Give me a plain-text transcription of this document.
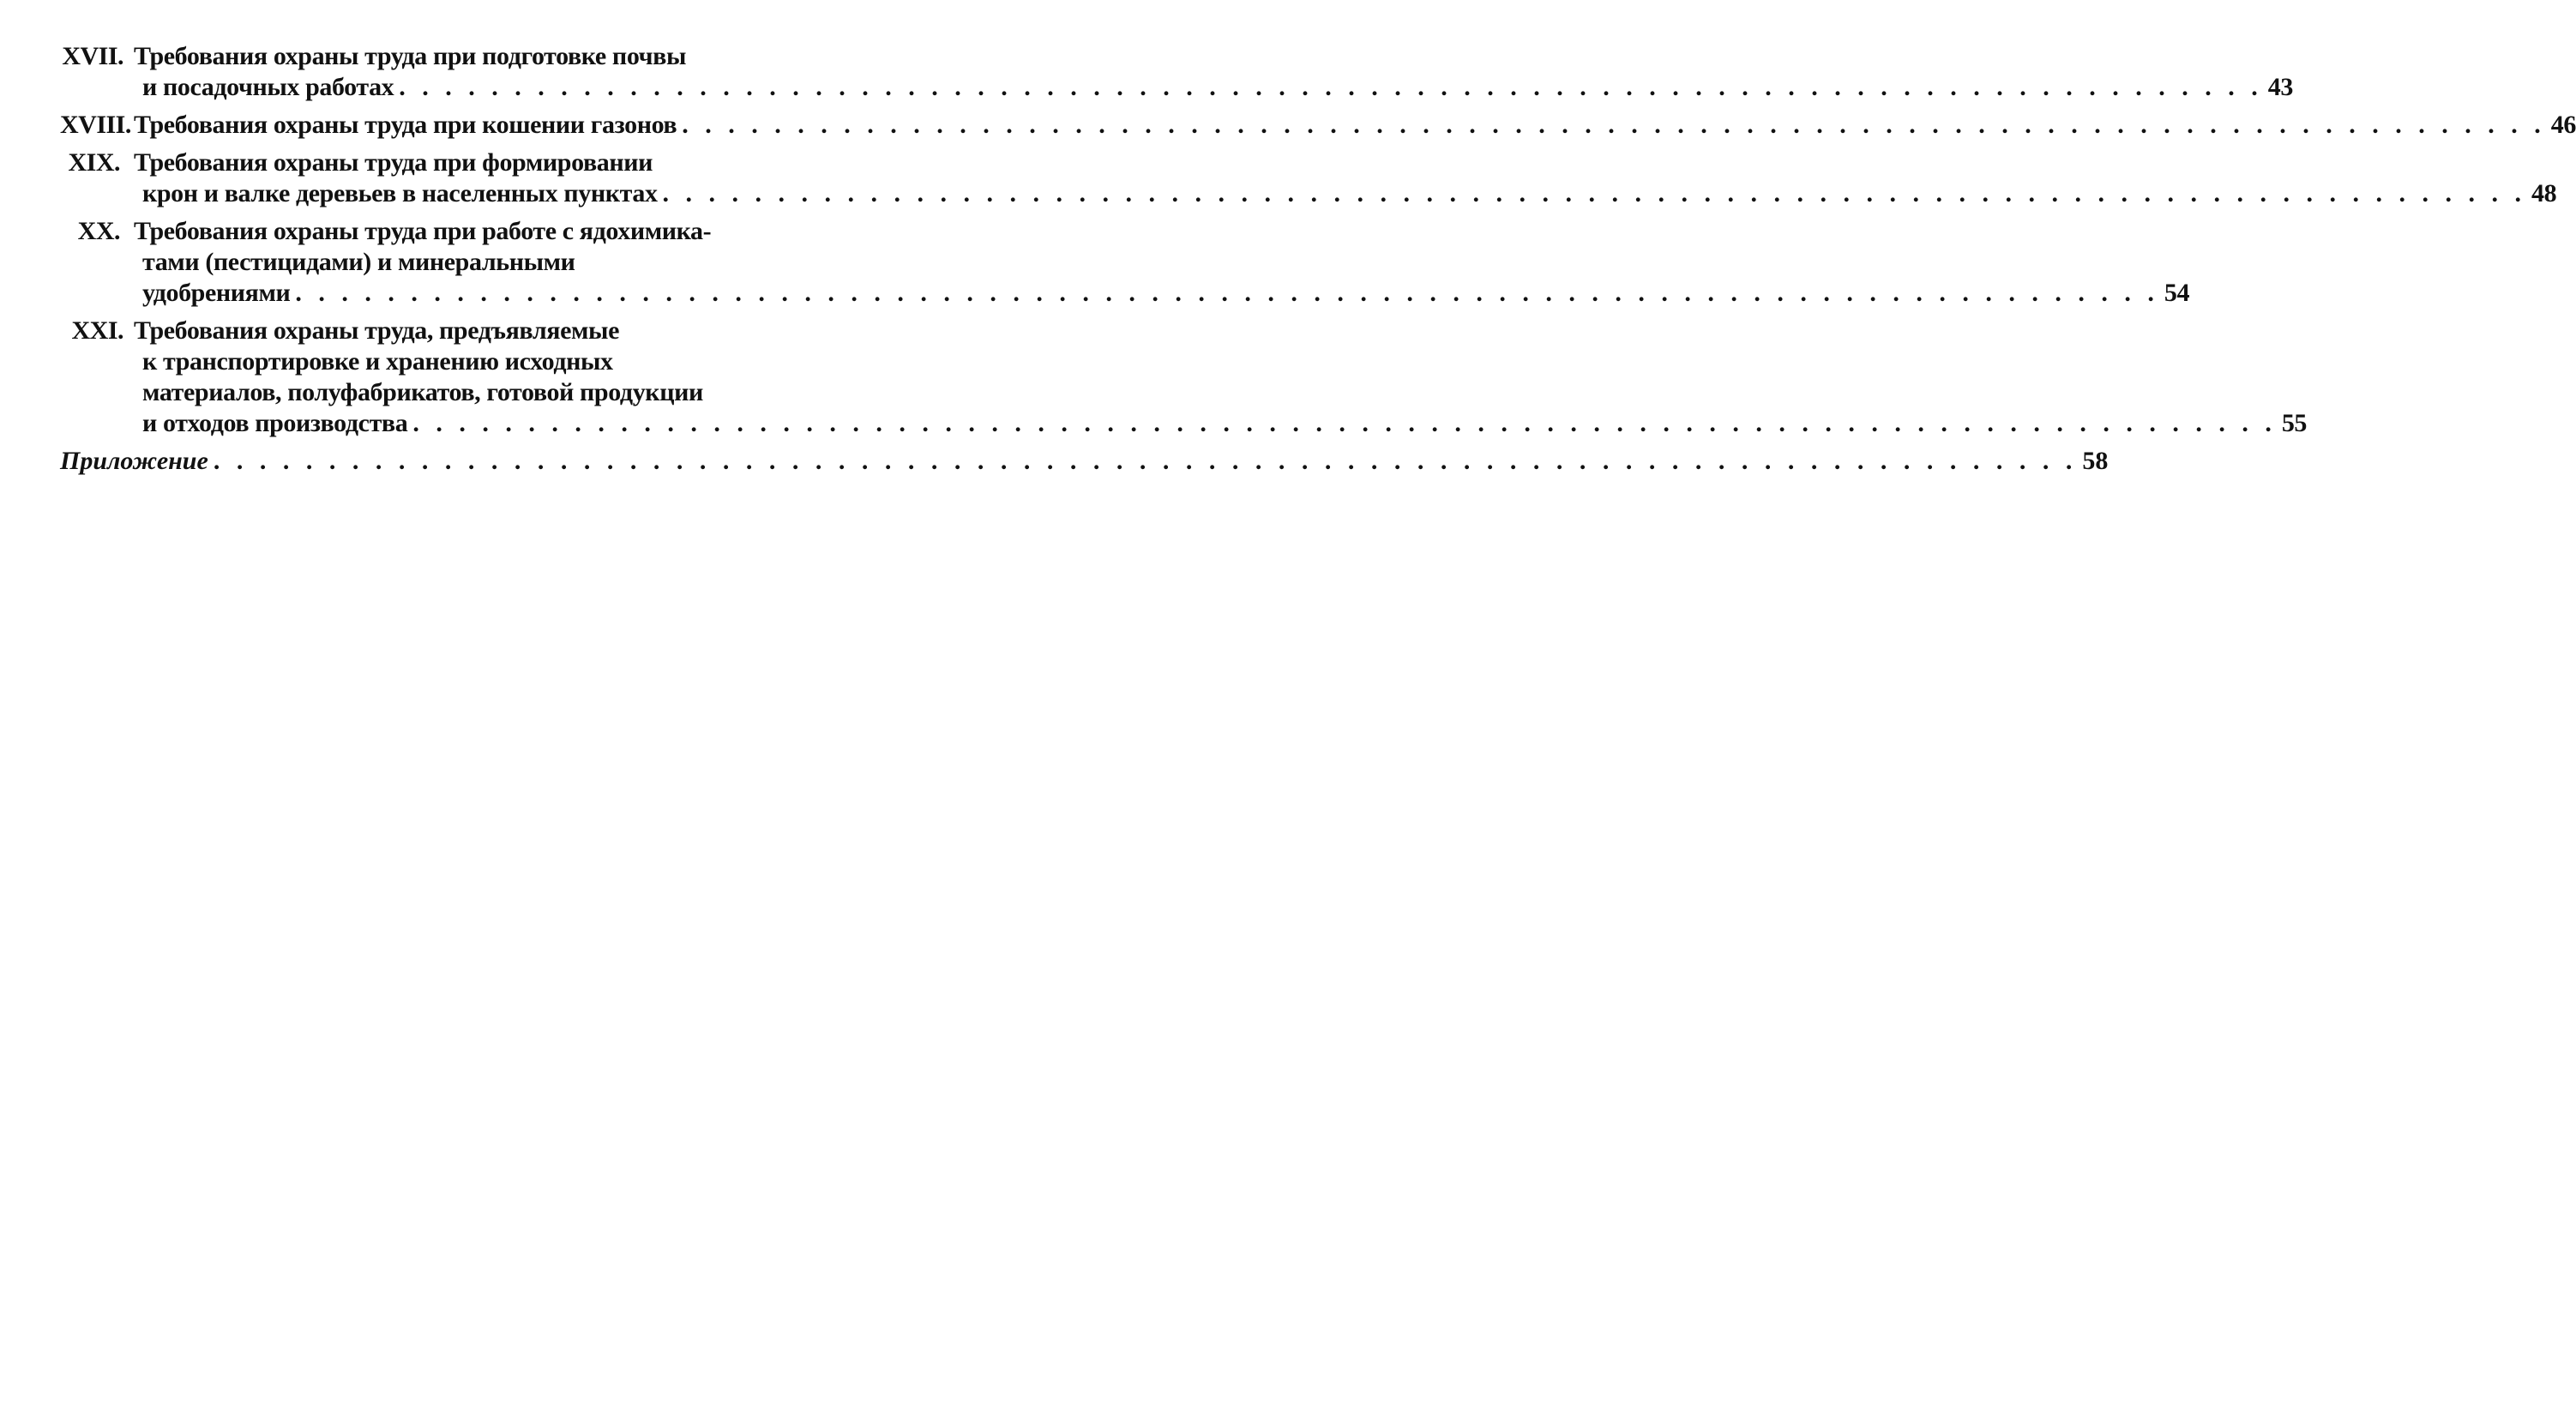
XVII. Требования охраны труда при подготовке почвы
и посадочных работах . . .	43
XVIII. Требования охраны труда при кошении газонов . . .	46
XIX. Требования охраны труда при формировании
крон и валке деревьев в населенных пунктах . . .	48
XX. Требования охраны труда при работе с ядохимика-
тами (пестицидами) и минеральными
удобрениями . . .	54
XXI. Требования охраны труда, предъявляемые
к транспортировке и хранению исходных
материалов, полуфабрикатов, готовой продукции
и отходов производства . . .	55
Приложение . . .	58
